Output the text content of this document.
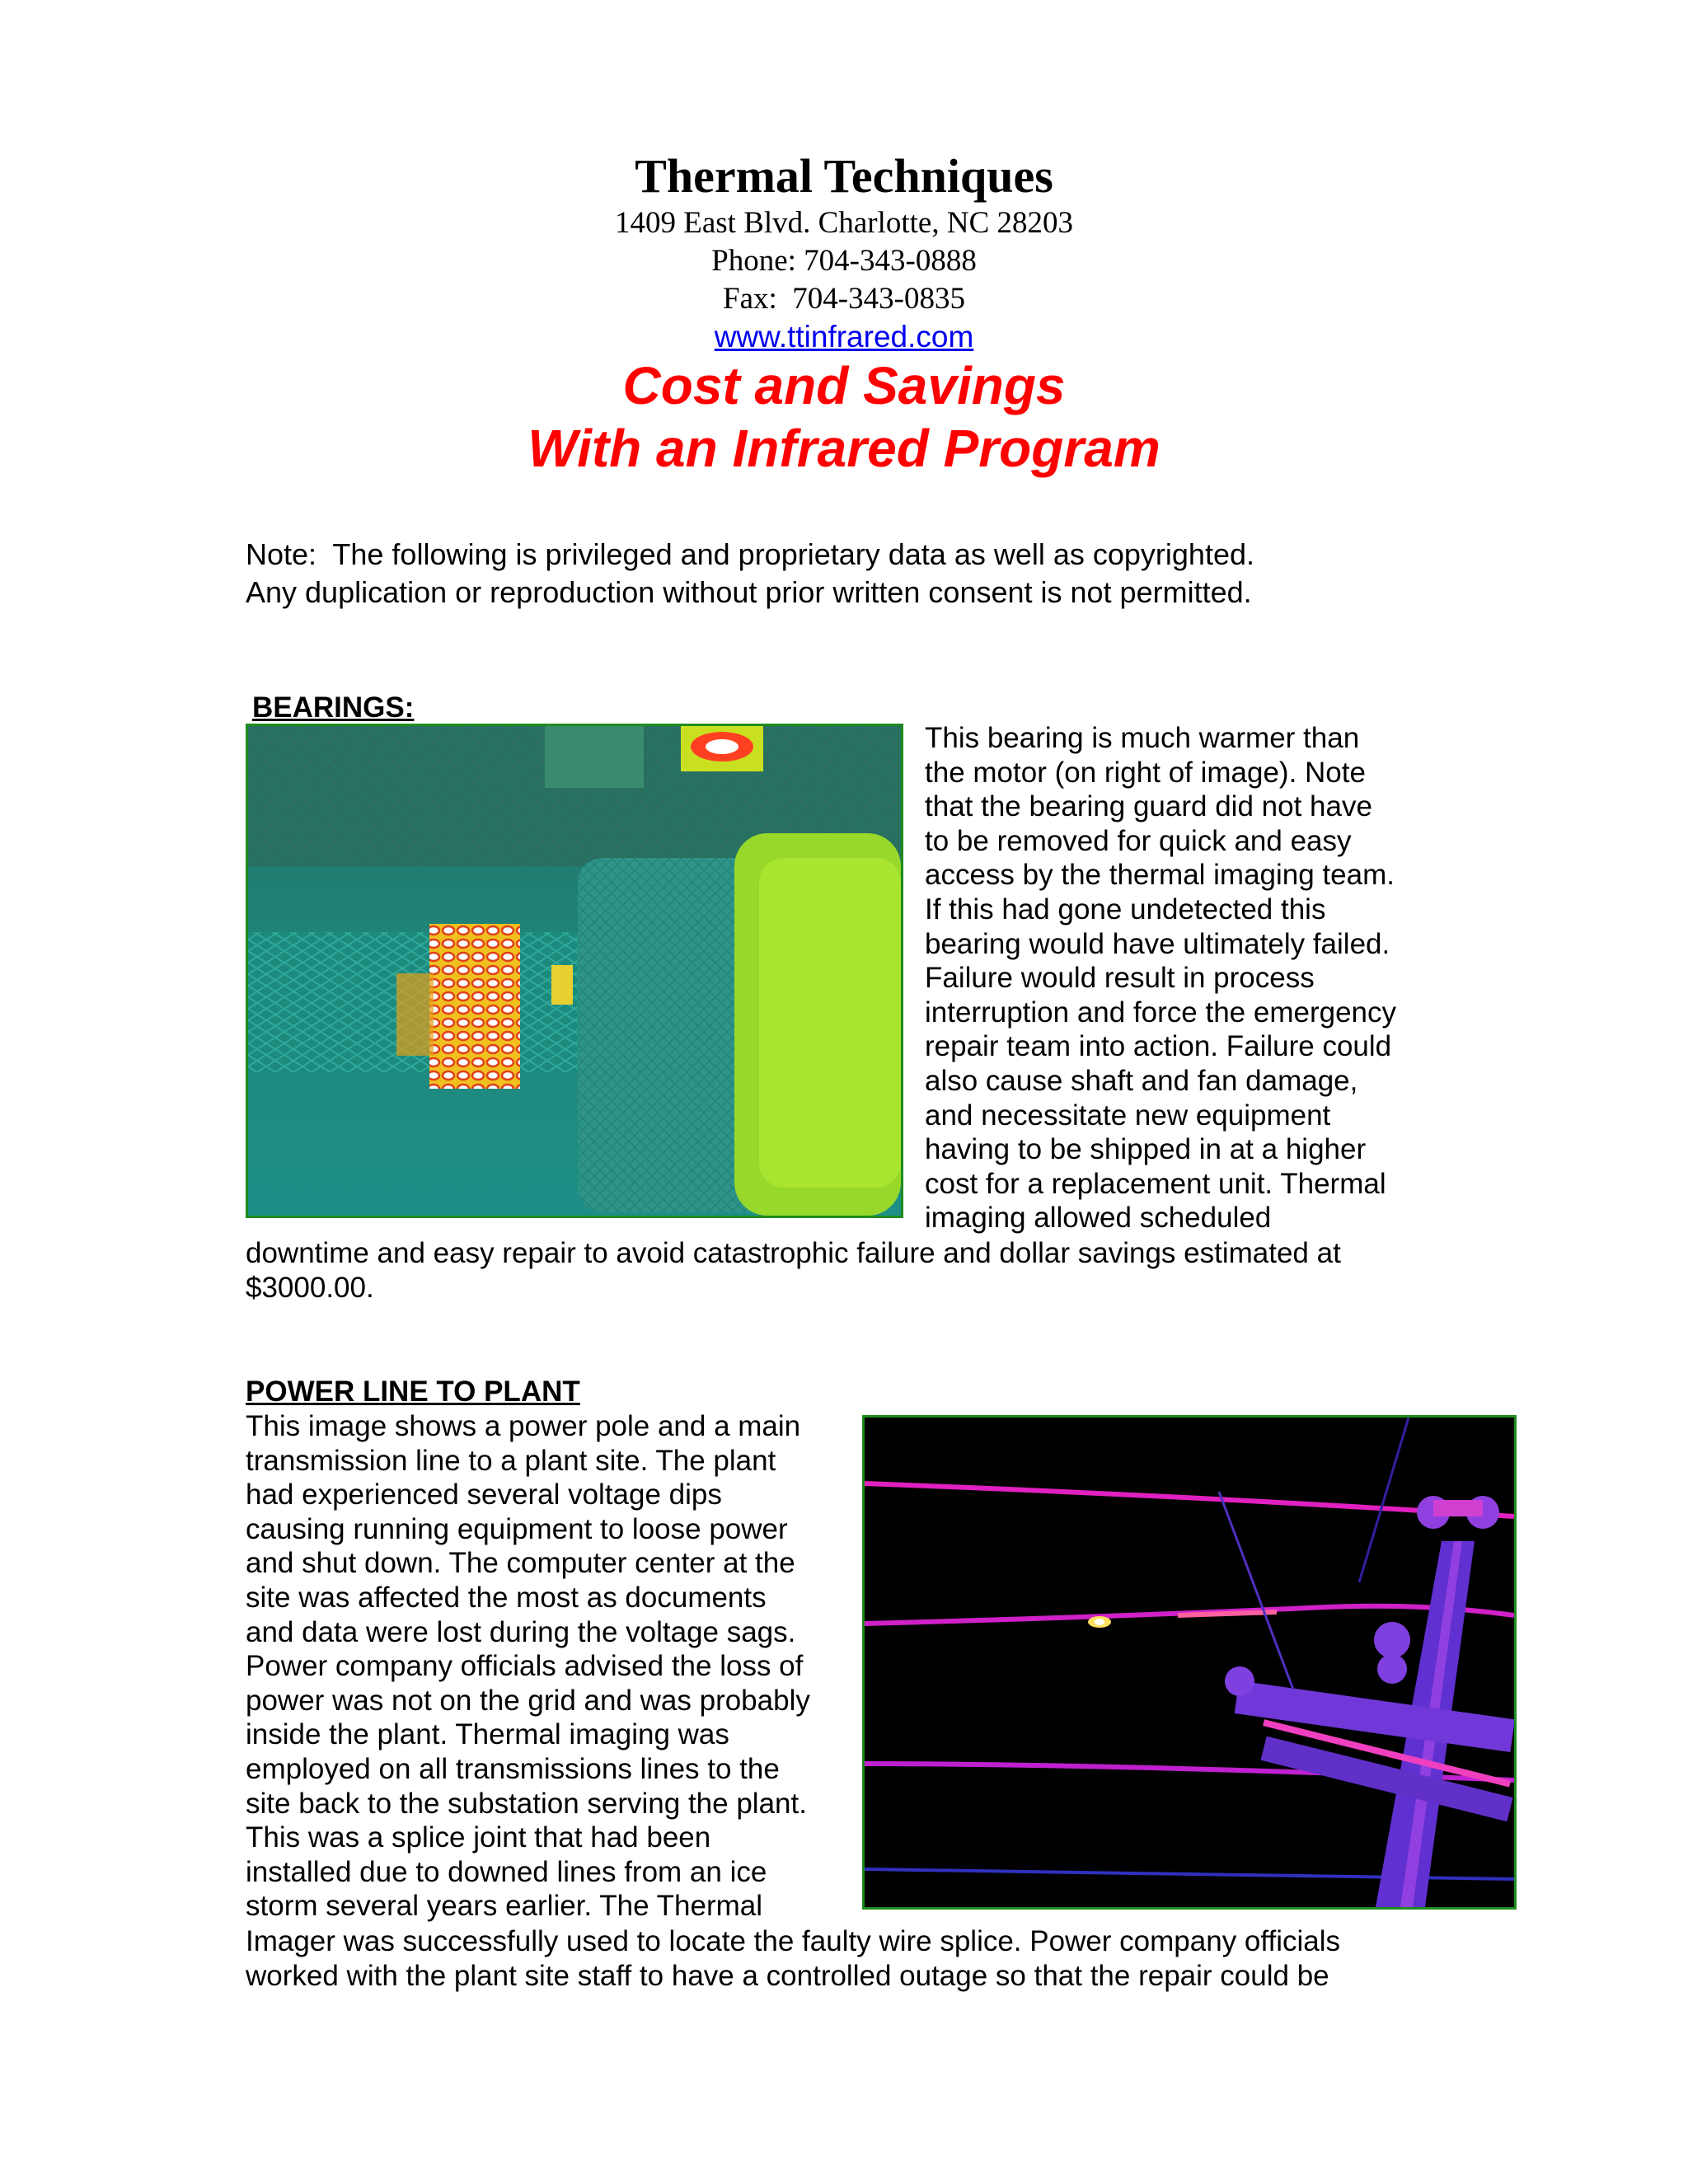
Thermal Techniques
1409 East Blvd. Charlotte, NC 28203
Phone: 704-343-0888
Fax:  704-343-0835
www.ttinfrared.com
Cost and Savings
With an Infrared Program
Note:  The following is privileged and proprietary data as well as copyrighted.
Any duplication or reproduction without prior written consent is not permitted.
BEARINGS:
This bearing is much warmer than
the motor (on right of image). Note
that the bearing guard did not have
to be removed for quick and easy
access by the thermal imaging team.
If this had gone undetected this
bearing would have ultimately failed.
Failure would result in process
interruption and force the emergency
repair team into action. Failure could
also cause shaft and fan damage,
and necessitate new equipment
having to be shipped in at a higher
cost for a replacement unit. Thermal
imaging allowed scheduled
downtime and easy repair to avoid catastrophic failure and dollar savings estimated at
$3000.00.
POWER LINE TO PLANT
This image shows a power pole and a main
transmission line to a plant site. The plant
had experienced several voltage dips
causing running equipment to loose power
and shut down. The computer center at the
site was affected the most as documents
and data were lost during the voltage sags.
Power company officials advised the loss of
power was not on the grid and was probably
inside the plant. Thermal imaging was
employed on all transmissions lines to the
site back to the substation serving the plant.
This was a splice joint that had been
installed due to downed lines from an ice
storm several years earlier. The Thermal
Imager was successfully used to locate the faulty wire splice. Power company officials
worked with the plant site staff to have a controlled outage so that the repair could be
